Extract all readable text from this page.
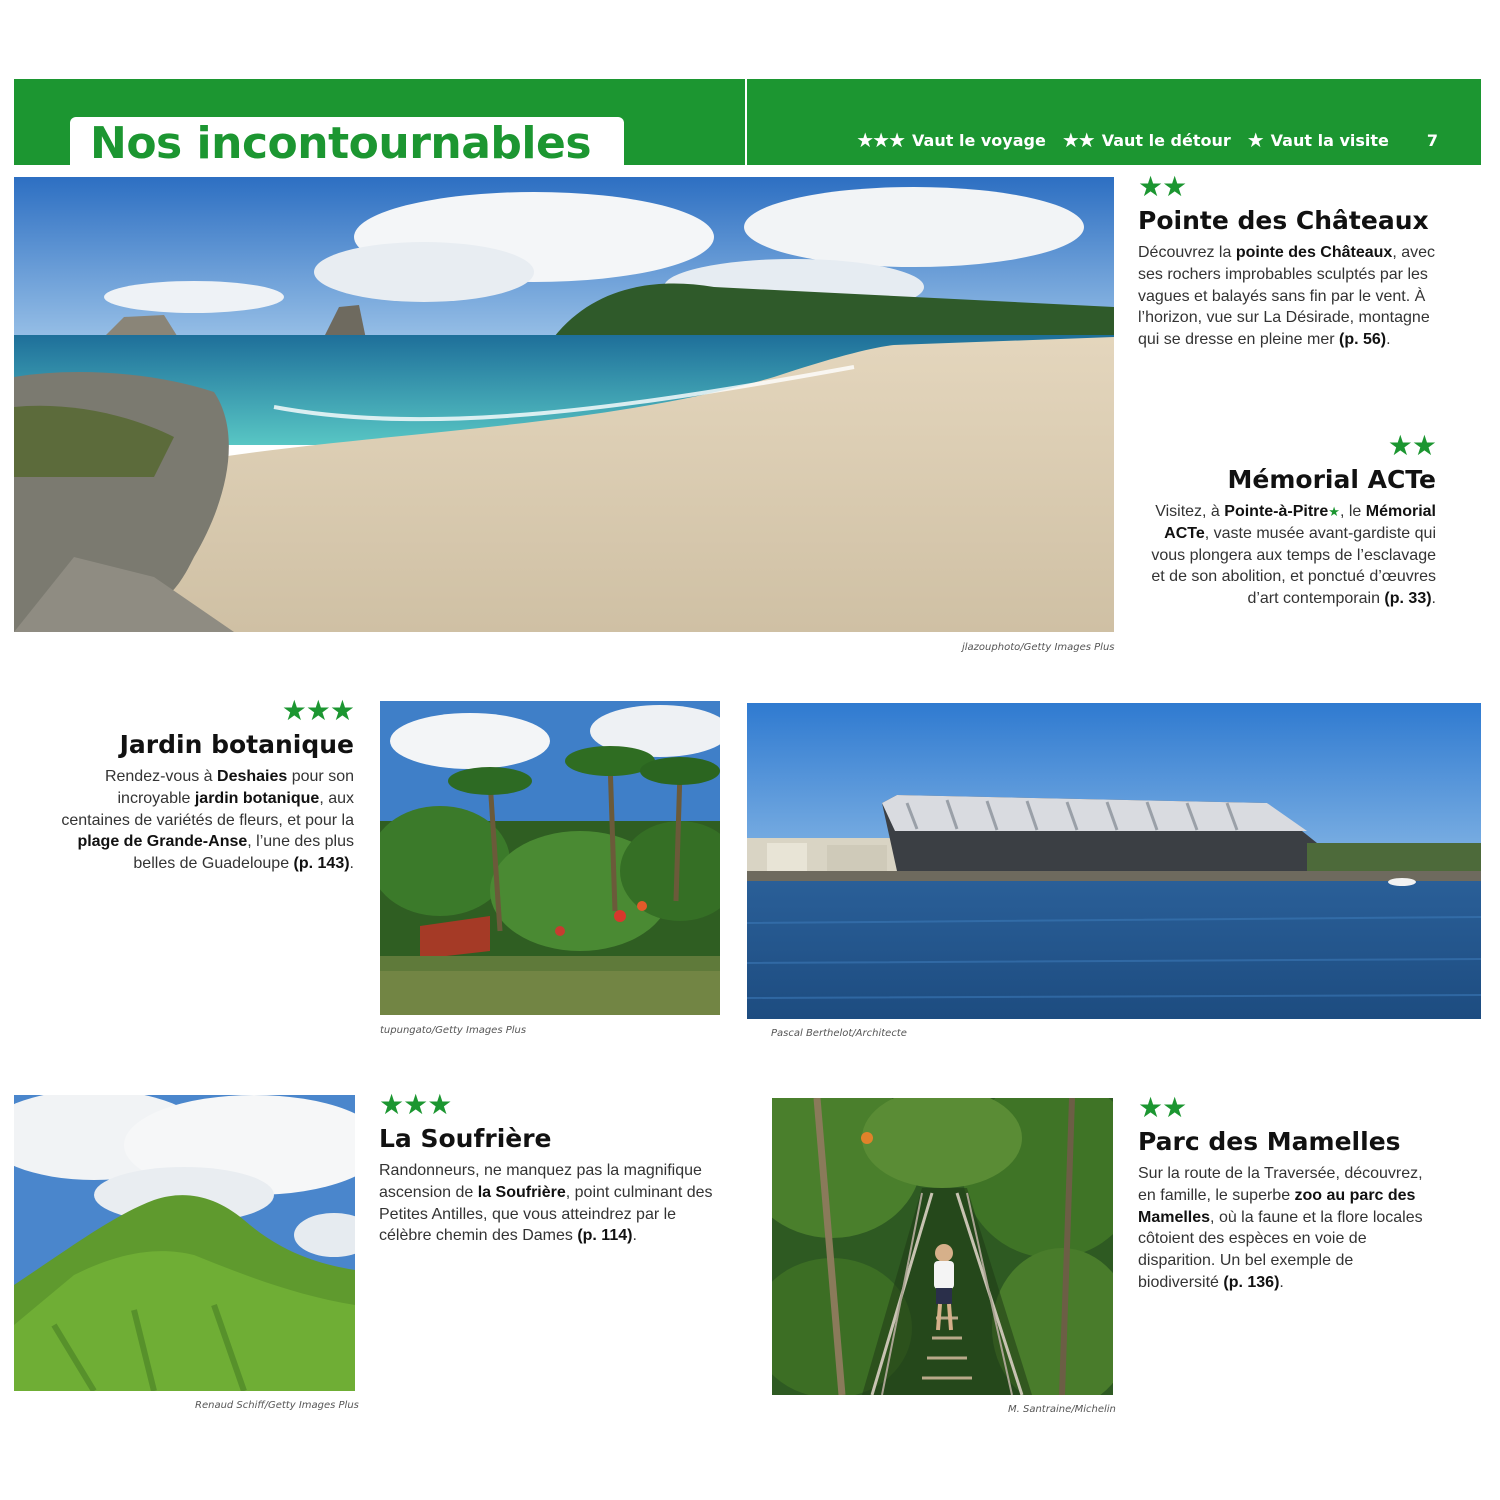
Nos incontournables	★★★ Vaut le voyage ★★ Vaut le détour ★ Vaut la visite 7
jlazouphoto/Getty Images Plus
★★
Pointe des Châteaux

Découvrez la pointe des Châteaux, avec ses rochers improbables sculptés par les vagues et balayés sans fin par le vent. À l’horizon, vue sur La Désirade, montagne qui se dresse en pleine mer (p. 56).

★★
Mémorial ACTe

Visitez, à Pointe-à-Pitre★, le Mémorial ACTe, vaste musée avant-gardiste qui vous plongera aux temps de l’esclavage et de son abolition, et ponctué d’œuvres d’art contemporain (p. 33).

★★★
Jardin botanique

Rendez-vous à Deshaies pour son incroyable jardin botanique, aux centaines de variétés de fleurs, et pour la plage de Grande-Anse, l’une des plus belles de Guadeloupe (p. 143).

tupungato/Getty Images Plus	Pascal Berthelot/Architecte
Renaud Schiff/Getty Images Plus
★★★
La Soufrière

Randonneurs, ne manquez pas la magnifique ascension de la Soufrière, point culminant des Petites Antilles, que vous atteindrez par le célèbre chemin des Dames (p. 114).

M. Santraine/Michelin
★★
Parc des Mamelles

Sur la route de la Traversée, découvrez, en famille, le superbe zoo au parc des Mamelles, où la faune et la flore locales côtoient des espèces en voie de disparition. Un bel exemple de biodiversité (p. 136).
